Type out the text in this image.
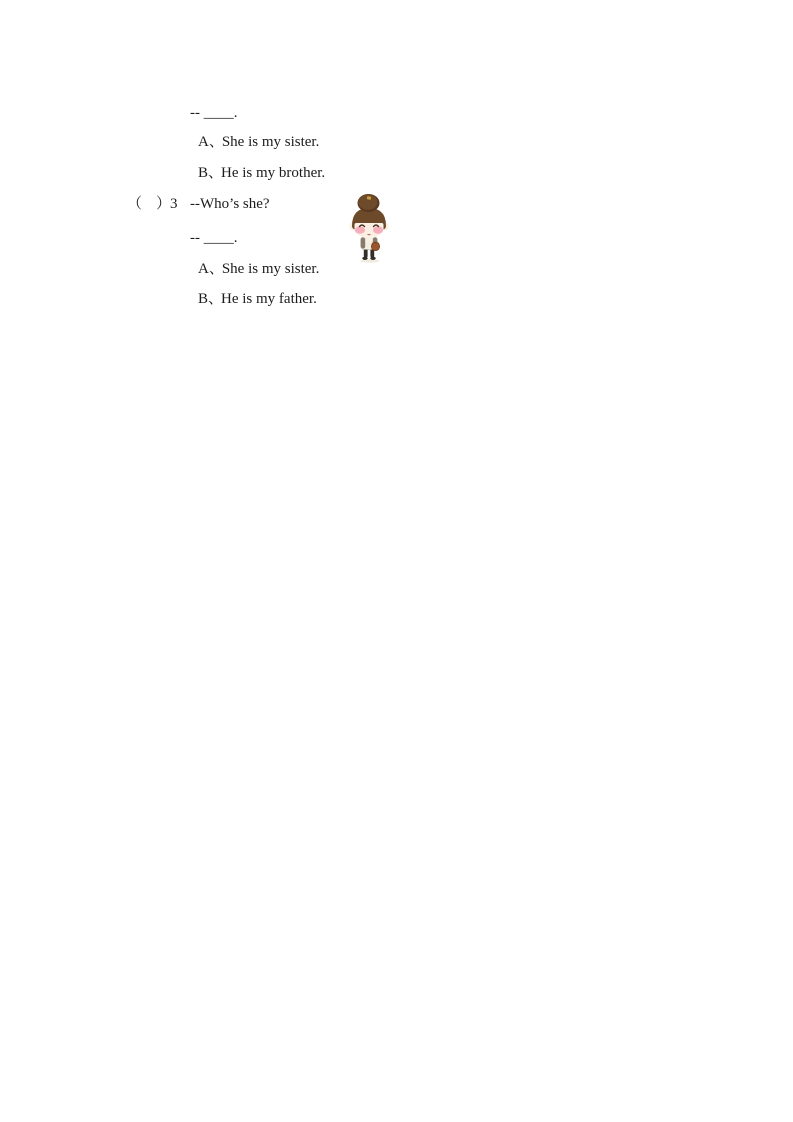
-- ____.
A、She is my sister.
B、He is my brother.

（

）

3

--Who’s she?

-- ____.
A、She is my sister.
B、He is my father.
